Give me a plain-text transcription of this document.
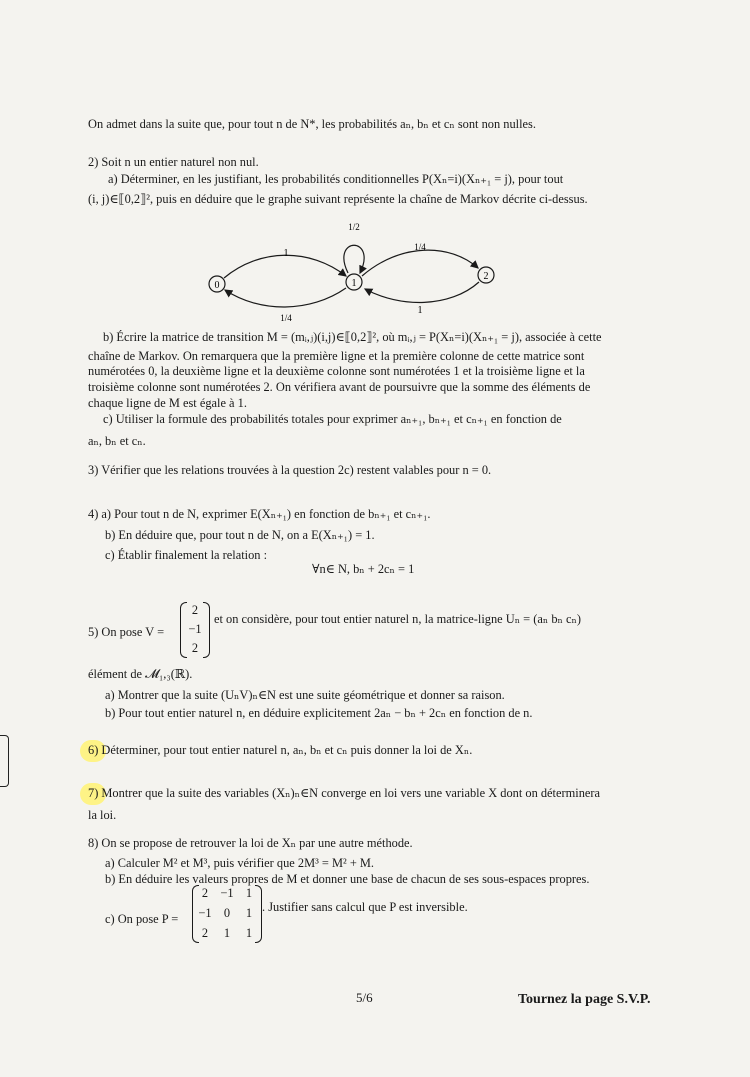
On admet dans la suite que, pour tout n de N*, les probabilités aₙ, bₙ et cₙ sont non nulles.
2) Soit n un entier naturel non nul.
a) Déterminer, en les justifiant, les probabilités conditionnelles P(Xₙ=i)(Xₙ₊₁ = j), pour tout
(i, j)∈⟦0,2⟧², puis en déduire que le graphe suivant représente la chaîne de Markov décrite ci-dessus.
0	1
2
1
1/2
1/4
1/4
1
b) Écrire la matrice de transition M = (mᵢ,ⱼ)(i,j)∈⟦0,2⟧², où mᵢ,ⱼ = P(Xₙ=i)(Xₙ₊₁ = j), associée à cette
chaîne de Markov. On remarquera que la première ligne et la première colonne de cette matrice sont
numérotées 0, la deuxième ligne et la deuxième colonne sont numérotées 1 et la troisième ligne et la
troisième colonne sont numérotées 2. On vérifiera avant de poursuivre que la somme des éléments de
chaque ligne de M est égale à 1.
c) Utiliser la formule des probabilités totales pour exprimer aₙ₊₁, bₙ₊₁ et cₙ₊₁ en fonction de
aₙ, bₙ et cₙ.
3) Vérifier que les relations trouvées à la question 2c) restent valables pour n = 0.
4) a) Pour tout n de N, exprimer E(Xₙ₊₁) en fonction de bₙ₊₁ et cₙ₊₁.
b) En déduire que, pour tout n de N, on a E(Xₙ₊₁) = 1.
c) Établir finalement la relation :
∀n∈ N, bₙ + 2cₙ = 1
5) On pose V =
2
−1
2
et on considère, pour tout entier naturel n, la matrice-ligne Uₙ = (aₙ bₙ cₙ)
élément de 𝓜₁,₃(ℝ).
a) Montrer que la suite (UₙV)ₙ∈N est une suite géométrique et donner sa raison.
b) Pour tout entier naturel n, en déduire explicitement 2aₙ − bₙ + 2cₙ en fonction de n.
6) Déterminer, pour tout entier naturel n, aₙ, bₙ et cₙ puis donner la loi de Xₙ.
7) Montrer que la suite des variables (Xₙ)ₙ∈N converge en loi vers une variable X dont on déterminera
la loi.
8) On se propose de retrouver la loi de Xₙ par une autre méthode.
a) Calculer M² et M³, puis vérifier que 2M³ = M² + M.
b) En déduire les valeurs propres de M et donner une base de chacun de ses sous-espaces propres.
c) On pose P =
2 −1 1
−1 0	1
2	1	1
. Justifier sans calcul que P est inversible.
5/6	Tournez la page S.V.P.
